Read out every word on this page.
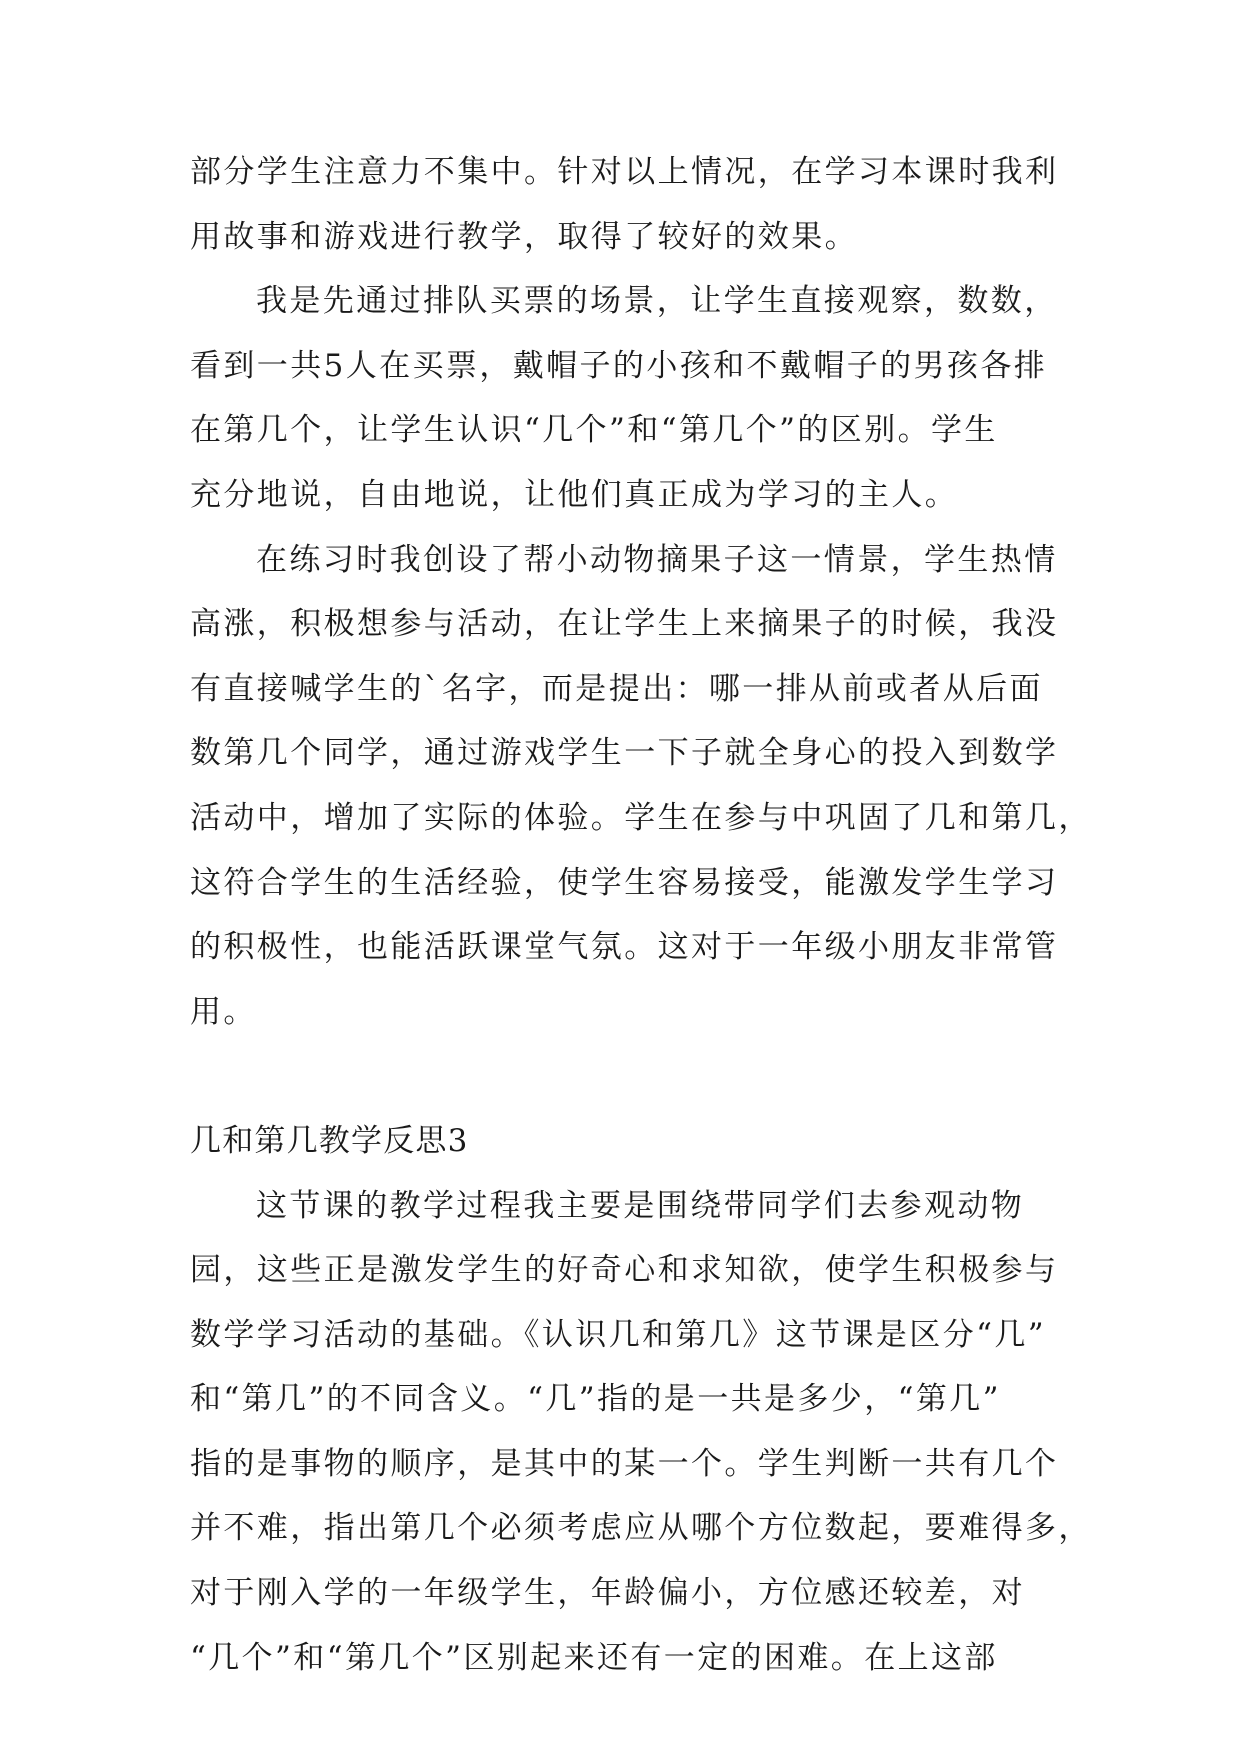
部分学生注意力不集中。针对以上情况，在学习本课时我利
用故事和游戏进行教学，取得了较好的效果。
我是先通过排队买票的场景，让学生直接观察，数数，
看到一共5人在买票，戴帽子的小孩和不戴帽子的男孩各排
在第几个，让学生认识“几个”和“第几个”的区别。学生
充分地说，自由地说，让他们真正成为学习的主人。
在练习时我创设了帮小动物摘果子这一情景，学生热情
高涨，积极想参与活动，在让学生上来摘果子的时候，我没
有直接喊学生的`名字，而是提出：哪一排从前或者从后面
数第几个同学，通过游戏学生一下子就全身心的投入到数学
活动中，增加了实际的体验。学生在参与中巩固了几和第几，
这符合学生的生活经验，使学生容易接受，能激发学生学习
的积极性，也能活跃课堂气氛。这对于一年级小朋友非常管
用。
几和第几教学反思3
这节课的教学过程我主要是围绕带同学们去参观动物
园，这些正是激发学生的好奇心和求知欲，使学生积极参与
数学学习活动的基础。《认识几和第几》这节课是区分“几”
和“第几”的不同含义。“几”指的是一共是多少，“第几”
指的是事物的顺序，是其中的某一个。学生判断一共有几个
并不难，指出第几个必须考虑应从哪个方位数起，要难得多，
对于刚入学的一年级学生，年龄偏小，方位感还较差，对
“几个”和“第几个”区别起来还有一定的困难。在上这部
